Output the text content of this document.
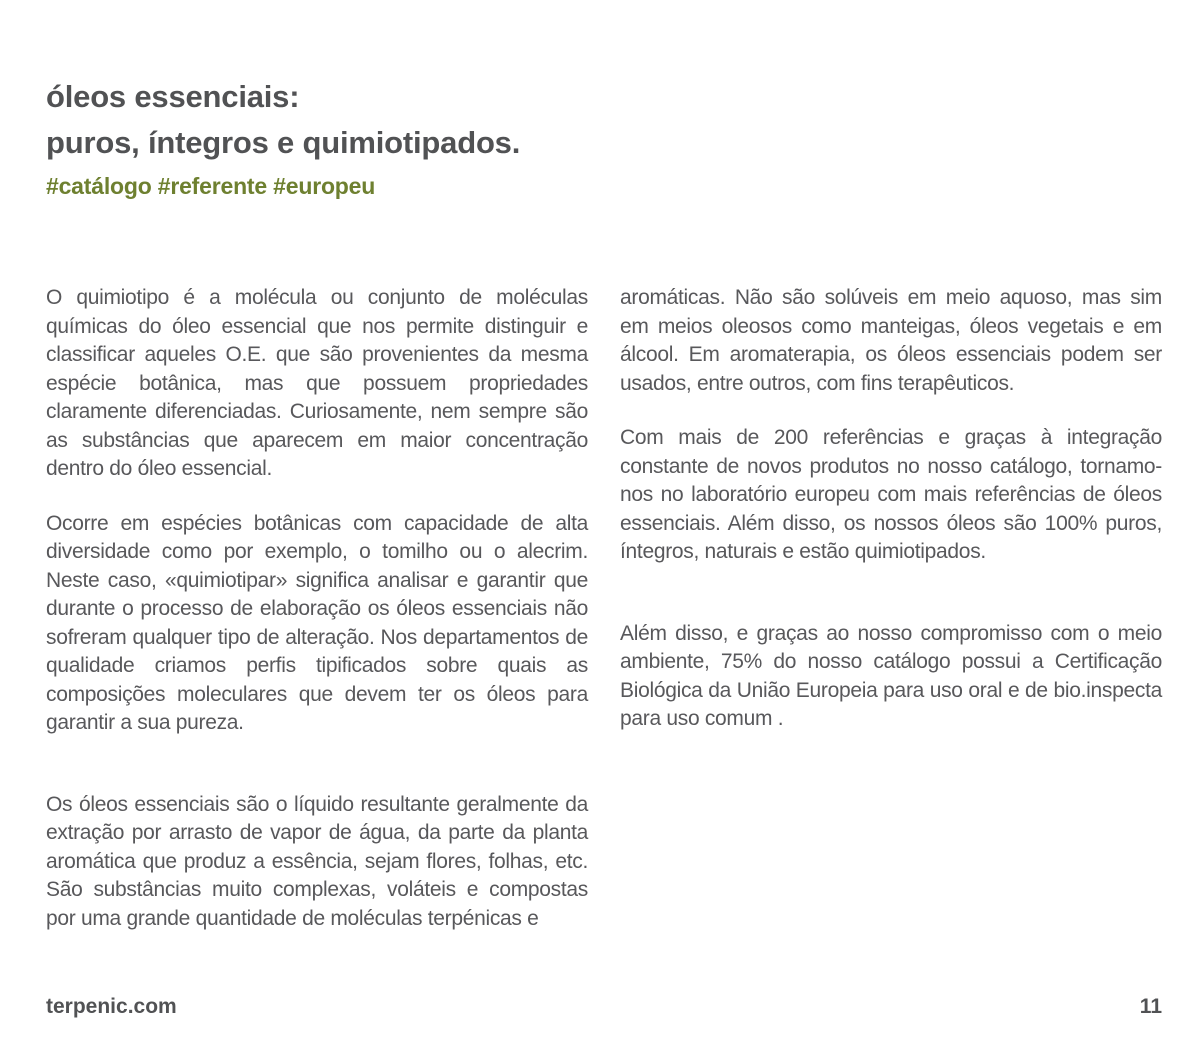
óleos essenciais:
puros, íntegros e quimiotipados.
#catálogo #referente #europeu

O quimiotipo é a molécula ou conjunto de moléculas químicas do óleo essencial que nos permite distinguir e classificar aqueles O.E. que são provenientes da mesma espécie botânica, mas que possuem propriedades claramente diferenciadas. Curiosamente, nem sempre são as substâncias que aparecem em maior concentração dentro do óleo essencial.

Ocorre em espécies botânicas com capacidade de alta diversidade como por exemplo, o tomilho ou o alecrim. Neste caso, «quimiotipar» significa analisar e garantir que durante o processo de elaboração os óleos essenciais não sofreram qualquer tipo de alteração. Nos departamentos de qualidade criamos perfis tipificados sobre quais as composições moleculares que devem ter os óleos para garantir a sua pureza.

Os óleos essenciais são o líquido resultante geralmente da extração por arrasto de vapor de água, da parte da planta aromática que produz a essência, sejam flores, folhas, etc. São substâncias muito complexas, voláteis e compostas por uma grande quantidade de moléculas terpénicas e

aromáticas. Não são solúveis em meio aquoso, mas sim em meios oleosos como manteigas, óleos vegetais e em álcool. Em aromaterapia, os óleos essenciais podem ser usados, entre outros, com fins terapêuticos.

Com mais de 200 referências e graças à integração constante de novos produtos no nosso catálogo, tornamo-nos no laboratório europeu com mais referências de óleos essenciais. Além disso, os nossos óleos são 100% puros, íntegros, naturais e estão quimiotipados.

Além disso, e graças ao nosso compromisso com o meio ambiente, 75% do nosso catálogo possui a Certificação Biológica da União Europeia para uso oral e de bio.inspecta para uso comum .

terpenic.com	11
